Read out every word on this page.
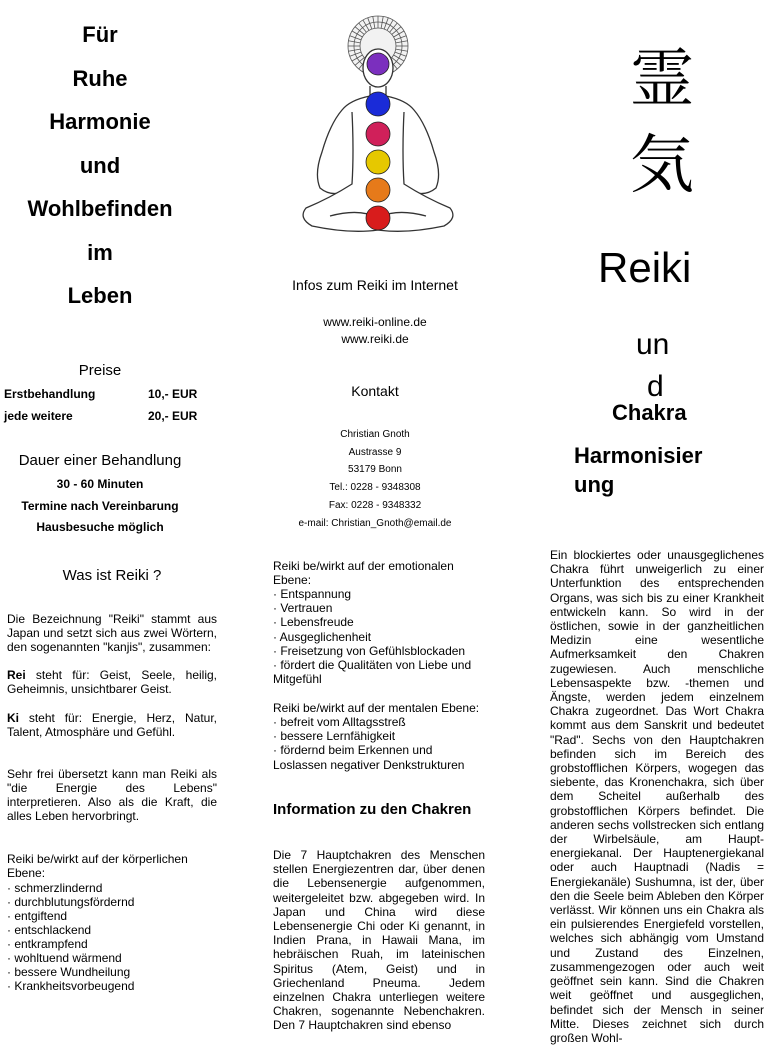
Für
Ruhe
Harmonie
und
Wohlbefinden
im
Leben
Preise
Erstbehandlung	10,- EUR
jede weitere	20,- EUR
Dauer einer Behandlung
30 - 60 Minuten
Termine nach Vereinbarung
Hausbesuche möglich
Was ist Reiki ?
Die Bezeichnung "Reiki" stammt aus Japan und setzt sich aus zwei Wörtern, den sogenannten "kanjis", zusammen:
Rei steht für: Geist, Seele, heilig, Geheimnis, unsichtbarer Geist.
Ki steht für: Energie, Herz, Natur, Talent, Atmosphäre und Gefühl.
Sehr frei übersetzt kann man Reiki als "die Energie des Lebens" interpretieren. Also als die Kraft, die alles Leben hervorbringt.
Reiki be/wirkt auf der körperlichen Ebene:
· schmerzlindernd
· durchblutungsfördernd
· entgiftend
· entschlackend
· entkrampfend
· wohltuend wärmend
· bessere Wundheilung
· Krankheitsvorbeugend
Infos zum Reiki im Internet
www.reiki-online.de
www.reiki.de
Kontakt
Christian Gnoth
Austrasse 9
53179 Bonn
Tel.: 0228 - 9348308
Fax: 0228 - 9348332
e-mail: Christian_Gnoth@email.de
Reiki be/wirkt auf der emotionalen Ebene:
· Entspannung
· Vertrauen
· Lebensfreude
· Ausgeglichenheit
· Freisetzung von Gefühlsblockaden
· fördert die Qualitäten von Liebe und Mitgefühl
Reiki be/wirkt auf der mentalen Ebene:
· befreit vom Alltagsstreß
· bessere Lernfähigkeit
· fördernd beim Erkennen und Loslassen negativer Denkstrukturen
Information zu den Chakren
Die 7 Hauptchakren des Menschen stellen Energiezentren dar, über denen die Lebensenergie aufgenommen, weitergeleitet bzw. abgegeben wird. In Japan und China wird diese Lebensenergie Chi oder Ki genannt, in Indien Prana, in Hawaii Mana, im hebräischen Ruah, im lateinischen Spiritus (Atem, Geist) und in Griechenland Pneuma. Jedem einzelnen Chakra unterliegen weitere Chakren, sogenannte Nebenchakren. Den 7 Hauptchakren sind ebenso
霊
気
Reiki
un
d
Chakra
Harmonisier
ung
Ein blockiertes oder unausgeglichenes Chakra führt unweigerlich zu einer Unterfunktion des entsprechenden Organs, was sich bis zu einer Krankheit entwickeln kann. So wird in der östlichen, sowie in der ganzheitlichen Medizin eine wesentliche Aufmerksamkeit den Chakren zugewiesen. Auch menschliche Lebensaspekte bzw. -themen und Ängste, werden jedem einzelnem Chakra zugeordnet. Das Wort Chakra kommt aus dem Sanskrit und bedeutet "Rad". Sechs von den Hauptchakren befinden sich im Bereich des grobstofflichen Körpers, wogegen das siebente, das Kronenchakra, sich über dem Scheitel außerhalb des grobstofflichen Körpers befindet. Die anderen sechs vollstrecken sich entlang der Wirbelsäule, am Haupt-energiekanal. Der Hauptenergiekanal oder auch Hauptnadi (Nadis = Energiekanäle) Sushumna, ist der, über den die Seele beim Ableben den Körper verlässt. Wir können uns ein Chakra als ein pulsierendes Energiefeld vorstellen, welches sich abhängig vom Umstand und Zustand des Einzelnen, zusammengezogen oder auch weit geöffnet sein kann. Sind die Chakren weit geöffnet und ausgeglichen, befindet sich der Mensch in seiner Mitte. Dieses zeichnet sich durch großen Wohl-
